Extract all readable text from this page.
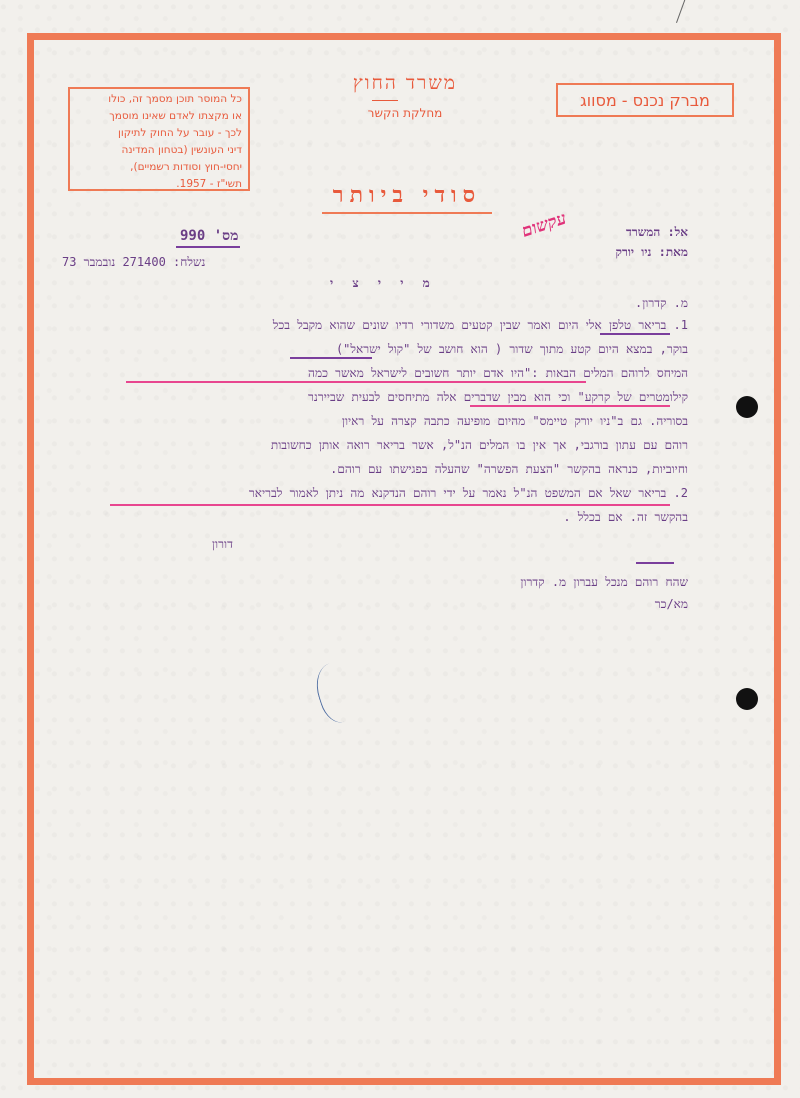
מברק נכנס - מסווג
כל המוסר תוכן מסמך זה, כולו
או מקצתו לאדם שאינו מוסמך
לכך - עובר על החוק לתיקון
דיני העונשין (בטחון המדינה
יחסי-חוץ וסודות רשמיים),
תשי"ז - 1957.
משרד החוץ
מחלקת הקשר
סודי ביותר
עקשום	אל: המשרד
מאת: ניו יורק
מס' 990
נשלח: 271400 נובמבר 73
מ י י צ י
מ. קדרון.
1. בריאר טלפן אלי היום ואמר שבין קטעים משדורי רדיו שונים שהוא מקבל בכל
בוקר, במצא היום קטע מתוך שדור ( הוא חושב של "קול ישראל")
המיחס לרוהם המלים הבאות :"היו אדם יותר חשובים לישראל מאשר כמה
קילומטרים של קרקע" וכי הוא מבין שדברים אלה מתיחסים לבעית שביירנר
בסוריה. גם ב"ניו יורק טיימס" מהיום מופיעה כתבה קצרה על ראיון
רוהם עם עתון בורגבי, אך אין בו המלים הנ"ל, אשר בריאר רואה אותן כחשובות
וחיוביות, כנראה בהקשר "הצעת הפשרה" שהעלה בפגישתו עם רוהם.
2. בריאר שאל אם המשפט הנ"ל נאמר על ידי רוהם הנדקנא מה ניתן לאמור לבריאר
בהקשר זה. אם בכלל .
דורון
שהח רוהם מנכל עברון מ. קדרון
מא/כר
